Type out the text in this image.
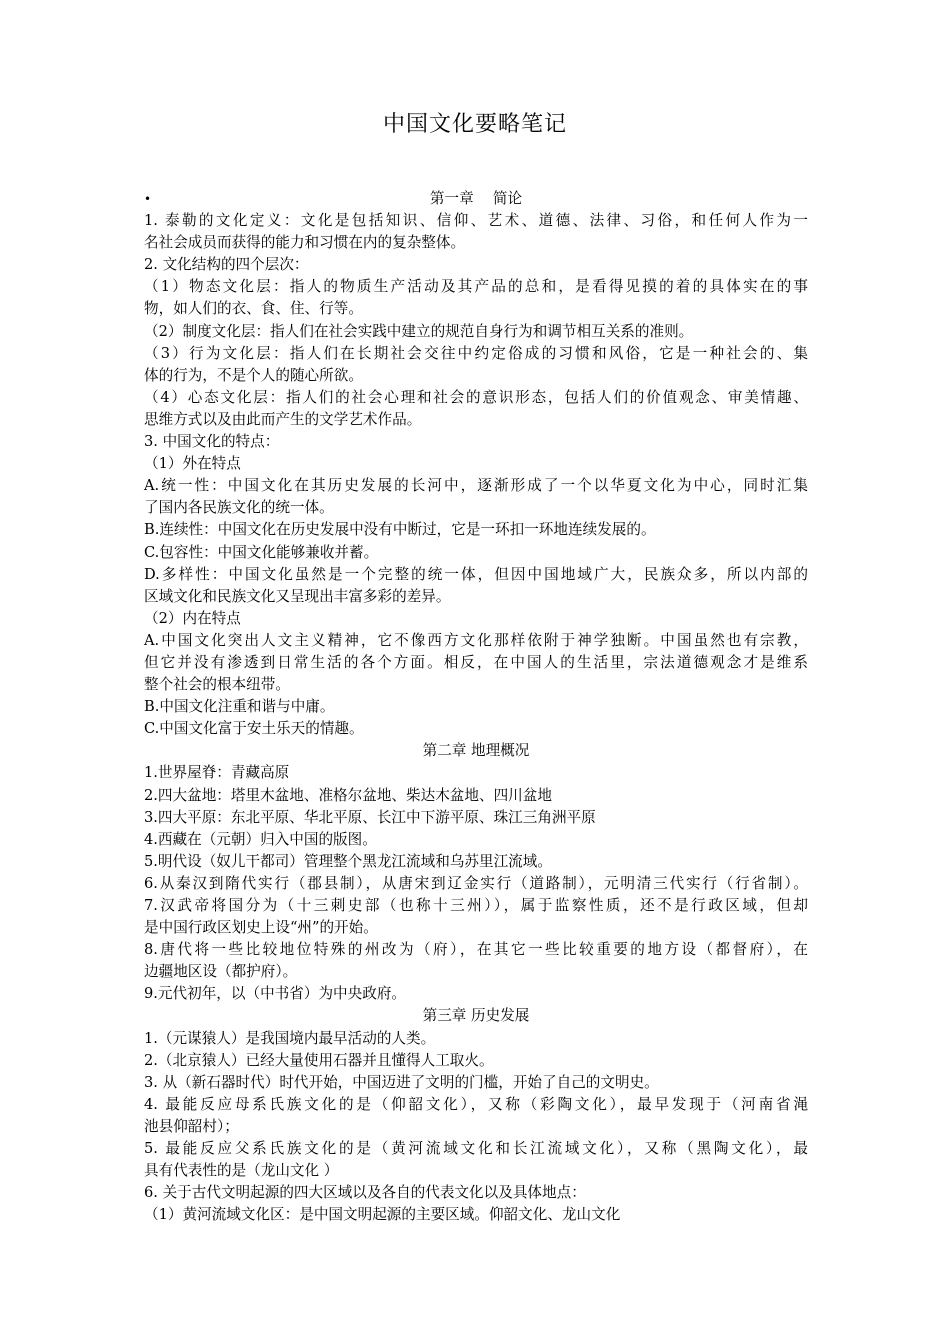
中国文化要略笔记
•	第一章　 简论
1. 泰勒的文化定义：文化是包括知识、信仰、艺术、道德、法律、习俗，和任何人作为一
名社会成员而获得的能力和习惯在内的复杂整体。
2. 文化结构的四个层次：
（1）物态文化层：指人的物质生产活动及其产品的总和，是看得见摸的着的具体实在的事
物，如人们的衣、食、住、行等。
（2）制度文化层：指人们在社会实践中建立的规范自身行为和调节相互关系的准则。
（3）行为文化层：指人们在长期社会交往中约定俗成的习惯和风俗，它是一种社会的、集
体的行为，不是个人的随心所欲。
（4）心态文化层：指人们的社会心理和社会的意识形态，包括人们的价值观念、审美情趣、
思维方式以及由此而产生的文学艺术作品。
3. 中国文化的特点：
（1）外在特点
A.统一性：中国文化在其历史发展的长河中，逐渐形成了一个以华夏文化为中心，同时汇集
了国内各民族文化的统一体。
B.连续性：中国文化在历史发展中没有中断过，它是一环扣一环地连续发展的。
C.包容性：中国文化能够兼收并蓄。
D.多样性：中国文化虽然是一个完整的统一体，但因中国地域广大，民族众多，所以内部的
区域文化和民族文化又呈现出丰富多彩的差异。
（2）内在特点
A.中国文化突出人文主义精神，它不像西方文化那样依附于神学独断。中国虽然也有宗教，
但它并没有渗透到日常生活的各个方面。相反，在中国人的生活里，宗法道德观念才是维系
整个社会的根本纽带。
B.中国文化注重和谐与中庸。
C.中国文化富于安土乐天的情趣。
第二章 地理概况
1.世界屋脊：青藏高原
2.四大盆地：塔里木盆地、准格尔盆地、柴达木盆地、四川盆地
3.四大平原：东北平原、华北平原、长江中下游平原、珠江三角洲平原
4.西藏在（元朝）归入中国的版图。
5.明代设（奴儿干都司）管理整个黑龙江流域和乌苏里江流域。
6.从秦汉到隋代实行（郡县制），从唐宋到辽金实行（道路制），元明清三代实行（行省制）。
7.汉武帝将国分为（十三刺史部（也称十三州）），属于监察性质，还不是行政区域，但却
是中国行政区划史上设“州”的开始。
8.唐代将一些比较地位特殊的州改为（府），在其它一些比较重要的地方设（都督府），在
边疆地区设（都护府）。
9.元代初年，以（中书省）为中央政府。
第三章 历史发展
1.（元谋猿人）是我国境内最早活动的人类。
2.（北京猿人）已经大量使用石器并且懂得人工取火。
3. 从（新石器时代）时代开始，中国迈进了文明的门槛，开始了自己的文明史。
4. 最能反应母系氏族文化的是（仰韶文化），又称（彩陶文化），最早发现于（河南省渑
池县仰韶村）；
5. 最能反应父系氏族文化的是（黄河流域文化和长江流域文化），又称（黑陶文化），最
具有代表性的是（龙山文化 ）
6. 关于古代文明起源的四大区域以及各自的代表文化以及具体地点：
（1）黄河流域文化区：是中国文明起源的主要区域。仰韶文化、龙山文化
